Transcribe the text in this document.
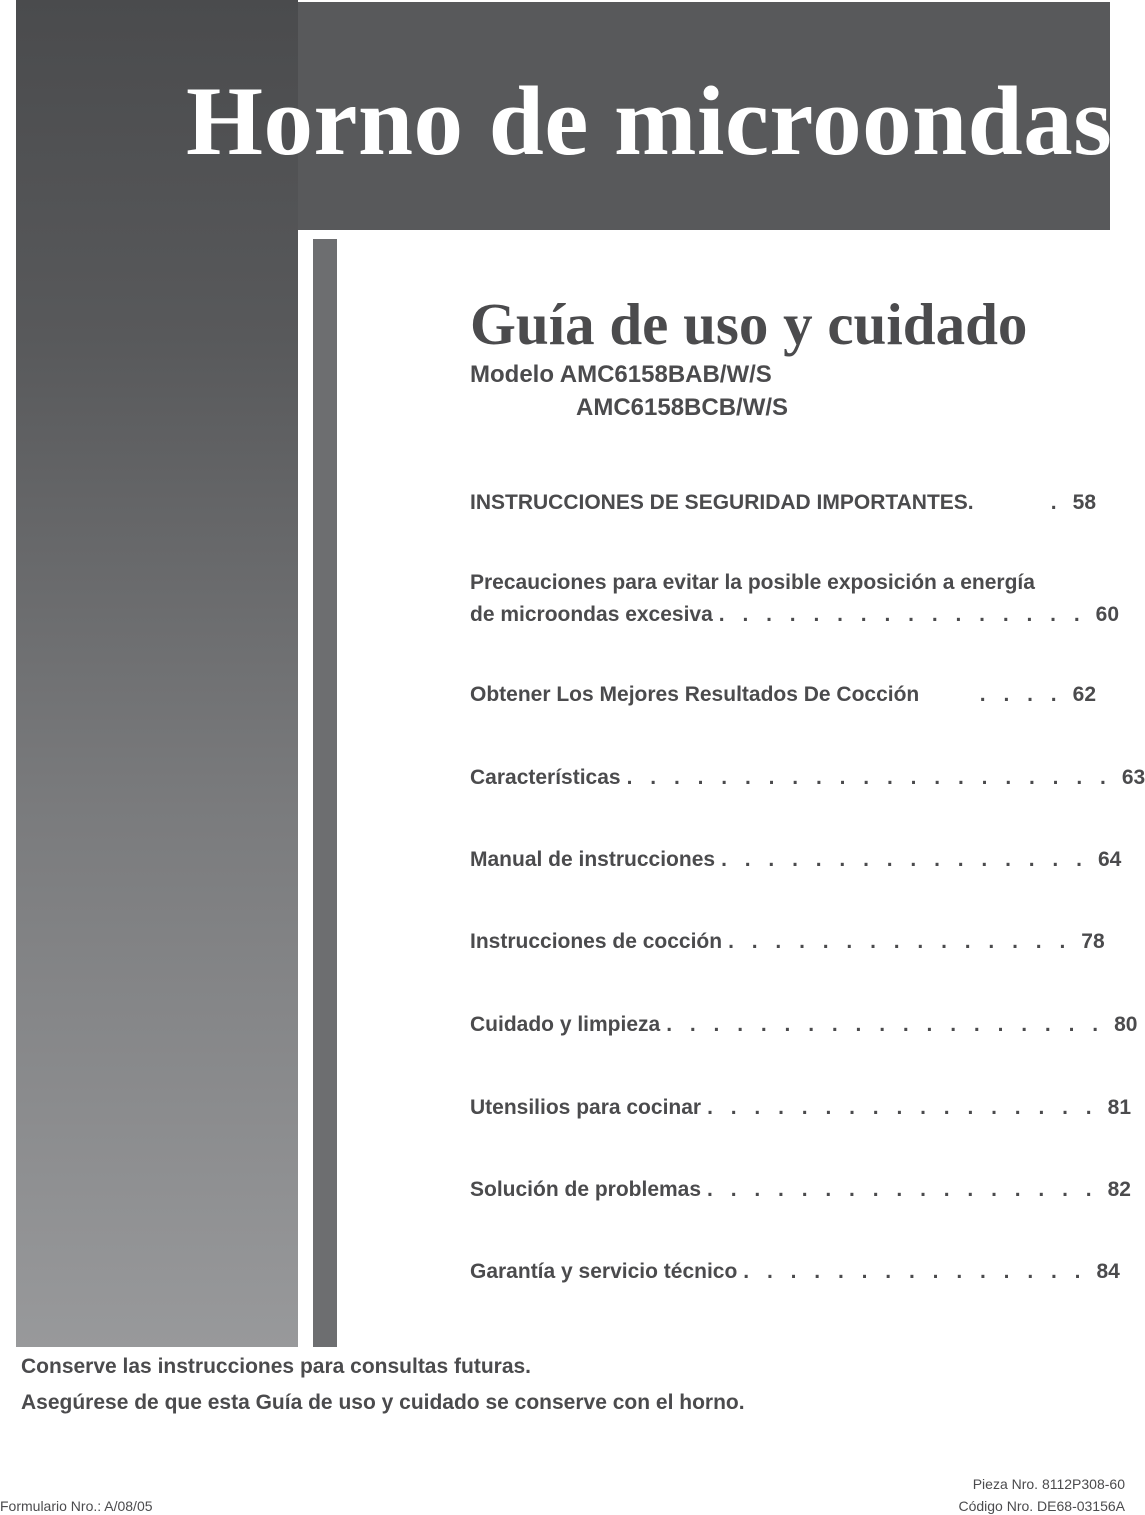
Horno de microondas
Guía de uso y cuidado
Modelo AMC6158BAB/W/S
AMC6158BCB/W/S
INSTRUCCIONES DE SEGURIDAD IMPORTANTES.	. 58
Precauciones para evitar la posible exposición a energía
de microondas excesiva . . . . . . . . . . . . . . . . 60
Obtener Los Mejores Resultados De Cocción	. . . . 62
Características . . . . . . . . . . . . . . . . . . . . . 63
Manual de instrucciones . . . . . . . . . . . . . . . . 64
Instrucciones de cocción . . . . . . . . . . . . . . . 78
Cuidado y limpieza . . . . . . . . . . . . . . . . . . . 80
Utensilios para cocinar . . . . . . . . . . . . . . . . . 81
Solución de problemas . . . . . . . . . . . . . . . . . 82
Garantía y servicio técnico . . . . . . . . . . . . . . . 84
Conserve las instrucciones para consultas futuras.
Asegúrese de que esta Guía de uso y cuidado se conserve con el horno.
Pieza Nro. 8112P308-60
Código Nro. DE68-03156A
Formulario Nro.: A/08/05
